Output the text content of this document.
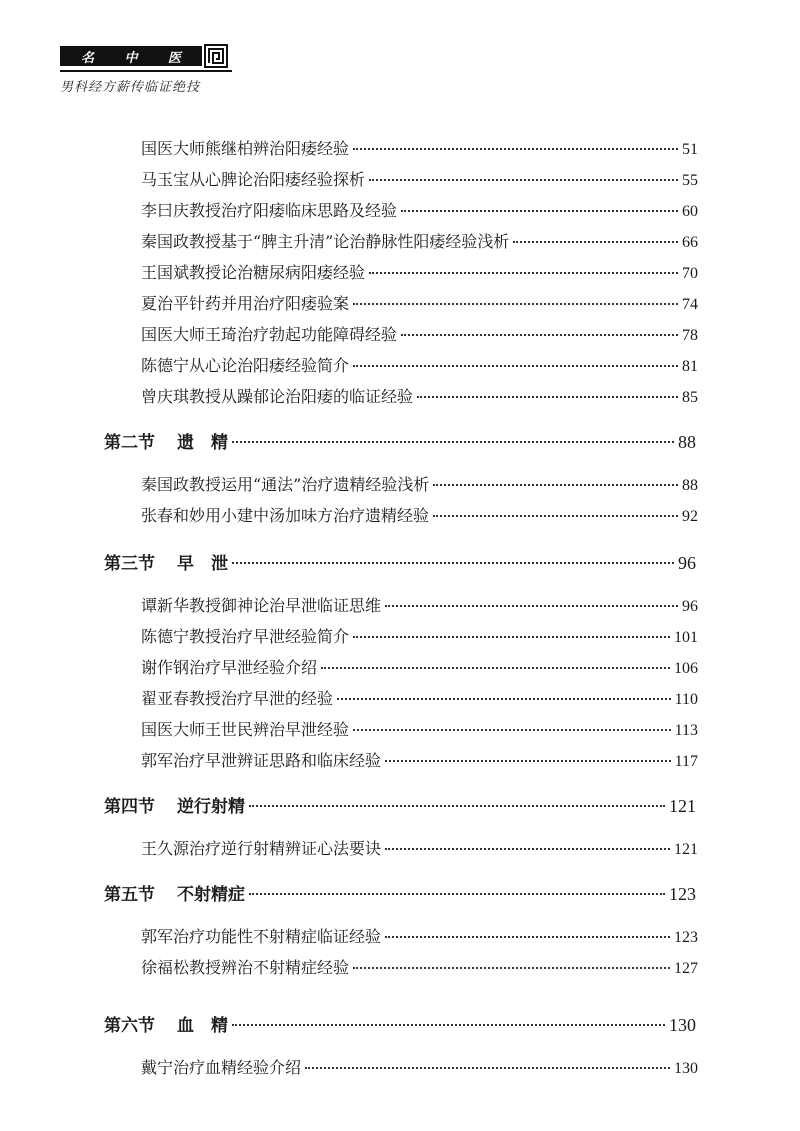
名 中 医
男科经方薪传临证绝技
国医大师熊继柏辨治阳痿经验	51
马玉宝从心脾论治阳痿经验探析	55
李曰庆教授治疗阳痿临床思路及经验	60
秦国政教授基于“脾主升清”论治静脉性阳痿经验浅析	66
王国斌教授论治糖尿病阳痿经验	70
夏治平针药并用治疗阳痿验案	74
国医大师王琦治疗勃起功能障碍经验	78
陈德宁从心论治阳痿经验简介	81
曾庆琪教授从躁郁论治阳痿的临证经验	85
第二节 遗　精	88
秦国政教授运用“通法”治疗遗精经验浅析	88
张春和妙用小建中汤加味方治疗遗精经验	92
第三节 早　泄	96
谭新华教授御神论治早泄临证思维	96
陈德宁教授治疗早泄经验简介	101
谢作钢治疗早泄经验介绍	106
翟亚春教授治疗早泄的经验	110
国医大师王世民辨治早泄经验	113
郭军治疗早泄辨证思路和临床经验	117
第四节 逆行射精	121
王久源治疗逆行射精辨证心法要诀	121
第五节 不射精症	123
郭军治疗功能性不射精症临证经验	123
徐福松教授辨治不射精症经验	127
第六节 血　精	130
戴宁治疗血精经验介绍	130
